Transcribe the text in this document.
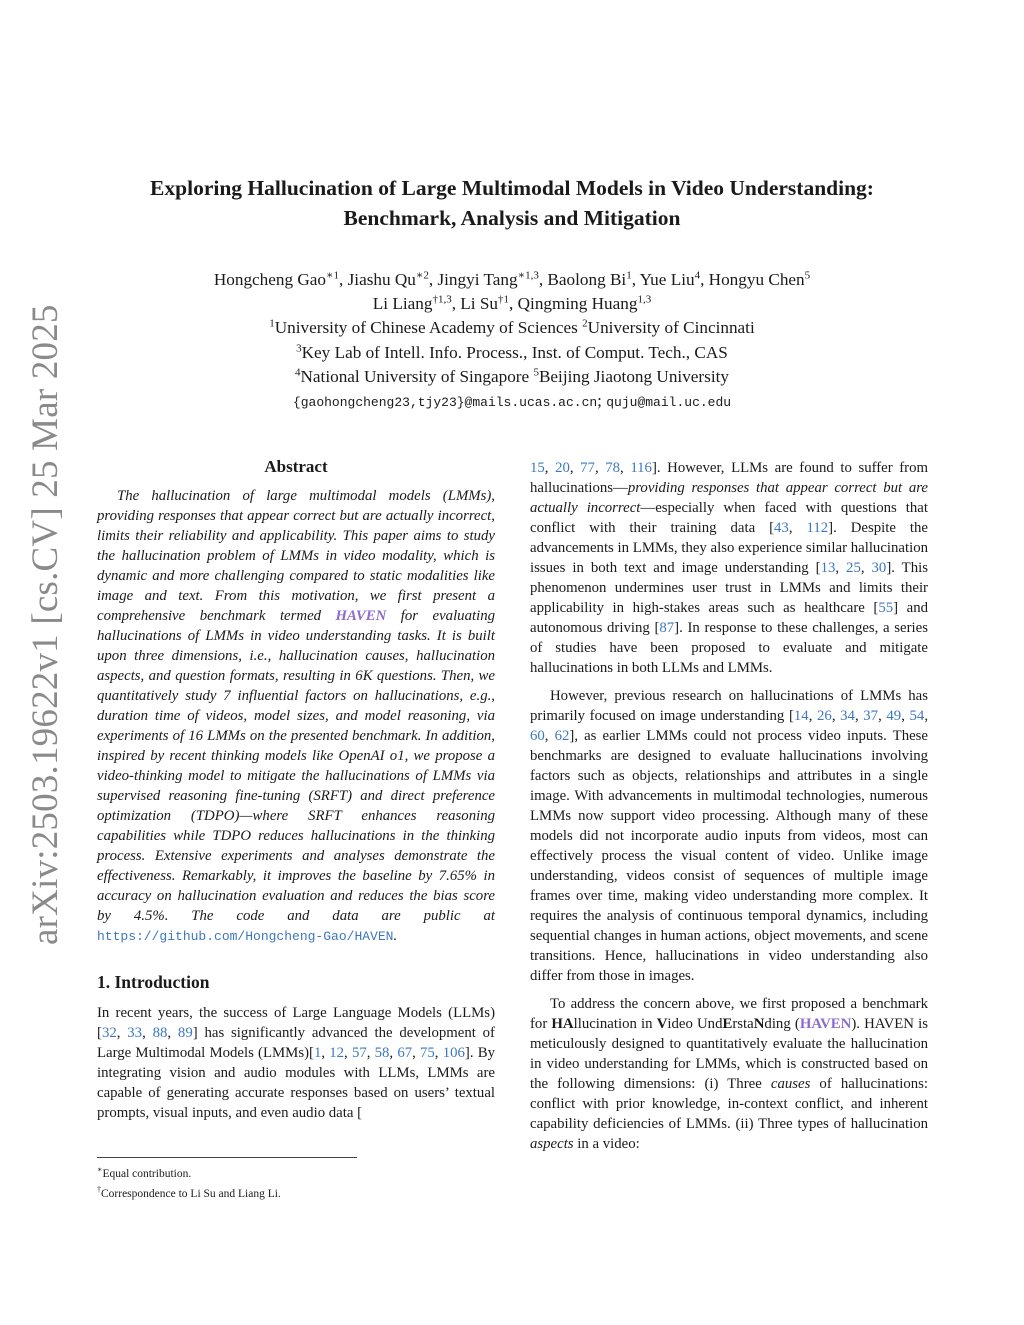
arXiv:2503.19622v1 [cs.CV] 25 Mar 2025
Exploring Hallucination of Large Multimodal Models in Video Understanding:
Benchmark, Analysis and Mitigation
Hongcheng Gao$^{∗1}$, Jiashu $Qu^{∗2}$, Jingyi Tang$^{∗1,3}$, Baolong Bi$^1$, Yue Liu$^4$, Hongyu Chen$^5$
Li Liang$^{\dagger 1,3}$, Li Su$^{\dagger 1}$, Qingming Huang$^{1,3}$
$^1$University of Chinese Academy of Sciences $^2$University of Cincinnati
$^3$Key Lab of Intell. Info. Process., Inst. of Comput. Tech., CAS
$^4$National University of Singapore $^5$Beijing Jiaotong University
{gaohongcheng23,tjy23}@mails.ucas.ac.cn; quju@mail.uc.edu
Abstract

The hallucination of large multimodal models (LMMs), providing responses that appear correct but are actually incorrect, limits their reliability and applicability. This paper aims to study the hallucination problem of LMMs in video modality, which is dynamic and more challenging compared to static modalities like image and text. From this motivation, we first present a comprehensive benchmark termed HAVEN for evaluating hallucinations of LMMs in video understanding tasks. It is built upon three dimensions, i.e., hallucination causes, hallucination aspects, and question formats, resulting in 6K questions. Then, we quantitatively study 7 influential factors on hallucinations, e.g., duration time of videos, model sizes, and model reasoning, via experiments of 16 LMMs on the presented benchmark. In addition, inspired by recent thinking models like OpenAI o1, we propose a video-thinking model to mitigate the hallucinations of LMMs via supervised reasoning fine-tuning (SRFT) and direct preference optimization (TDPO)—where SRFT enhances reasoning capabilities while TDPO reduces hallucinations in the thinking process. Extensive experiments and analyses demonstrate the effectiveness. Remarkably, it improves the baseline by 7.65% in accuracy on hallucination evaluation and reduces the bias score by 4.5%. The code and data are public at https://github.com/Hongcheng-Gao/HAVEN.

1. Introduction

In recent years, the success of Large Language Models (LLMs) [32, 33, 88, 89] has significantly advanced the development of Large Multimodal Models (LMMs)[1, 12, 57, 58, 67, 75, 106]. By integrating vision and audio modules with LLMs, LMMs are capable of generating accurate responses based on users’ textual prompts, visual inputs, and even audio data [

∗Equal contribution.
†Correspondence to Li Su and Liang Li.

15, 20, 77, 78, 116]. However, LLMs are found to suffer from hallucinations—providing responses that appear correct but are actually incorrect—especially when faced with questions that conflict with their training data [43, 112]. Despite the advancements in LMMs, they also experience similar hallucination issues in both text and image understanding [13, 25, 30]. This phenomenon undermines user trust in LMMs and limits their applicability in high-stakes areas such as healthcare [55] and autonomous driving [87]. In response to these challenges, a series of studies have been proposed to evaluate and mitigate hallucinations in both LLMs and LMMs.

However, previous research on hallucinations of LMMs has primarily focused on image understanding [14, 26, 34, 37, 49, 54, 60, 62], as earlier LMMs could not process video inputs. These benchmarks are designed to evaluate hallucinations involving factors such as objects, relationships and attributes in a single image. With advancements in multimodal technologies, numerous LMMs now support video processing. Although many of these models did not incorporate audio inputs from videos, most can effectively process the visual content of video. Unlike image understanding, videos consist of sequences of multiple image frames over time, making video understanding more complex. It requires the analysis of continuous temporal dynamics, including sequential changes in human actions, object movements, and scene transitions. Hence, hallucinations in video understanding also differ from those in images.

To address the concern above, we first proposed a benchmark for HAllucination in Video UndErstaNding (HAVEN). HAVEN is meticulously designed to quantitatively evaluate the hallucination in video understanding for LMMs, which is constructed based on the following dimensions: (i) Three causes of hallucinations: conflict with prior knowledge, in-context conflict, and inherent capability deficiencies of LMMs. (ii) Three types of hallucination aspects in a video:
